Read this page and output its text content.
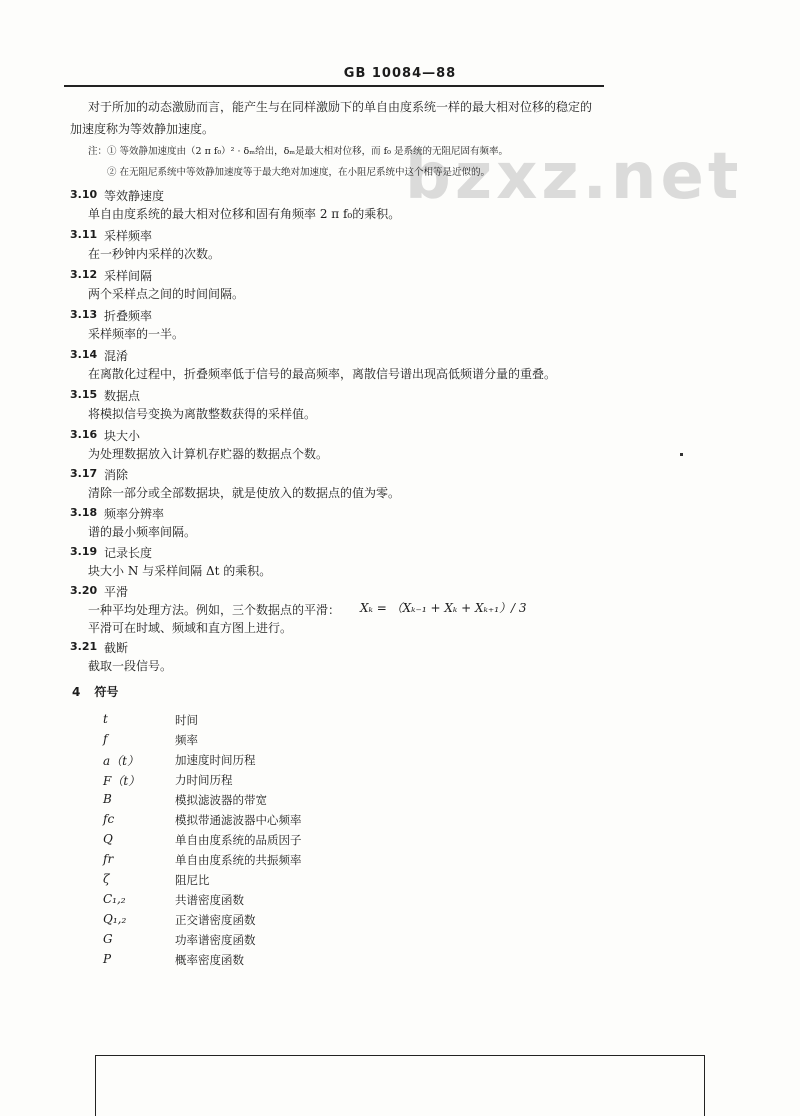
bzxz.net
GB 10084—88
对于所加的动态激励而言，能产生与在同样激励下的单自由度系统一样的最大相对位移的稳定的
加速度称为等效静加速度。
注：① 等效静加速度由（2 π f₀）² · δₘ给出，δₘ是最大相对位移，而 f₀ 是系统的无阻尼固有频率。
② 在无阻尼系统中等效静加速度等于最大绝对加速度，在小阻尼系统中这个相等是近似的。
3.10 等效静速度
单自由度系统的最大相对位移和固有角频率 2 π f₀的乘积。
3.11 采样频率
在一秒钟内采样的次数。
3.12 采样间隔
两个采样点之间的时间间隔。
3.13 折叠频率
采样频率的一半。
3.14 混淆
在离散化过程中，折叠频率低于信号的最高频率，离散信号谱出现高低频谱分量的重叠。
3.15 数据点
将模拟信号变换为离散整数获得的采样值。
3.16 块大小
为处理数据放入计算机存贮器的数据点个数。
3.17 消除
清除一部分或全部数据块，就是使放入的数据点的值为零。
3.18 频率分辨率
谱的最小频率间隔。
3.19 记录长度
块大小 N 与采样间隔 Δt 的乘积。
3.20 平滑
一种平均处理方法。例如，三个数据点的平滑： Xₖ = （Xₖ₋₁ + Xₖ + Xₖ₊₁）/ 3
平滑可在时域、频域和直方图上进行。
3.21 截断
截取一段信号。
4 符号
t	时间
f	频率
a（t）	加速度时间历程
F（t）	力时间历程
B	模拟滤波器的带宽
fc	模拟带通滤波器中心频率
Q	单自由度系统的品质因子
fr	单自由度系统的共振频率
ζ	阻尼比
C₁,₂	共谱密度函数
Q₁,₂	正交谱密度函数
G	功率谱密度函数
P	概率密度函数
